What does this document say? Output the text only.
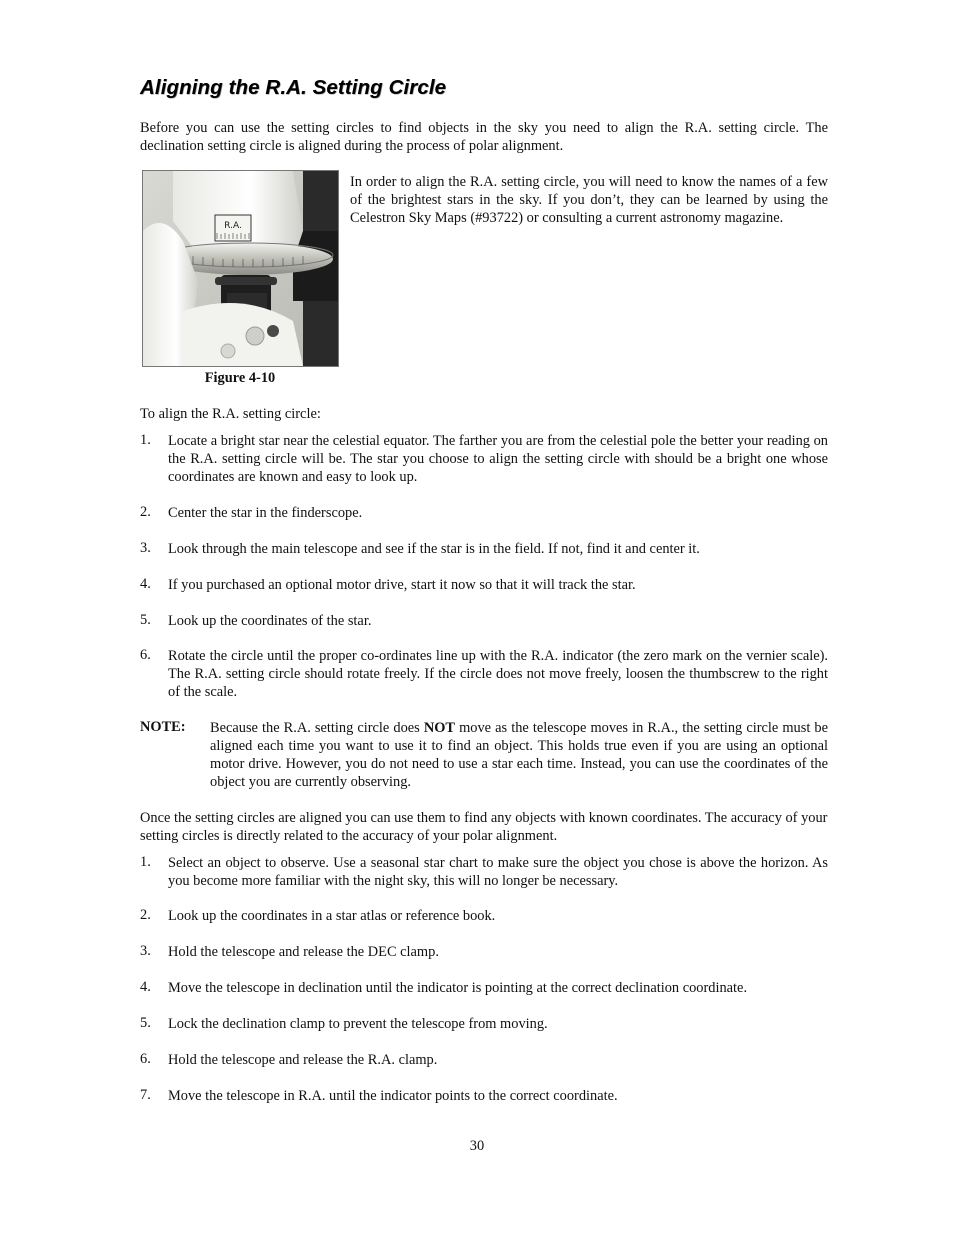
Aligning the R.A. Setting Circle

Before you can use the setting circles to find objects in the sky you need to align the R.A. setting circle. The declination setting circle is aligned during the process of polar alignment.

R.A.
Figure 4-10

In order to align the R.A. setting circle, you will need to know the names of a few of the brightest stars in the sky. If you don’t, they can be learned by using the Celestron Sky Maps (#93722) or consulting a current astronomy magazine.

To align the R.A. setting circle:

1.	Locate a bright star near the celestial equator. The farther you are from the celestial pole the better your reading on the R.A. setting circle will be. The star you choose to align the setting circle with should be a bright one whose coordinates are known and easy to look up.

2.	Center the star in the finderscope.

3.	Look through the main telescope and see if the star is in the field. If not, find it and center it.

4.	If you purchased an optional motor drive, start it now so that it will track the star.

5.	Look up the coordinates of the star.

6.	Rotate the circle until the proper co-ordinates line up with the R.A. indicator (the zero mark on the vernier scale). The R.A. setting circle should rotate freely. If the circle does not move freely, loosen the thumbscrew to the right of the scale.

NOTE: Because the R.A. setting circle does NOT move as the telescope moves in R.A., the setting circle must be aligned each time you want to use it to find an object. This holds true even if you are using an optional motor drive. However, you do not need to use a star each time. Instead, you can use the coordinates of the object you are currently observing.

Once the setting circles are aligned you can use them to find any objects with known coordinates. The accuracy of your setting circles is directly related to the accuracy of your polar alignment.

1.	Select an object to observe. Use a seasonal star chart to make sure the object you chose is above the horizon. As you become more familiar with the night sky, this will no longer be necessary.

2.	Look up the coordinates in a star atlas or reference book.

3.	Hold the telescope and release the DEC clamp.

4.	Move the telescope in declination until the indicator is pointing at the correct declination coordinate.

5.	Lock the declination clamp to prevent the telescope from moving.

6.	Hold the telescope and release the R.A. clamp.

7.	Move the telescope in R.A. until the indicator points to the correct coordinate.

30
